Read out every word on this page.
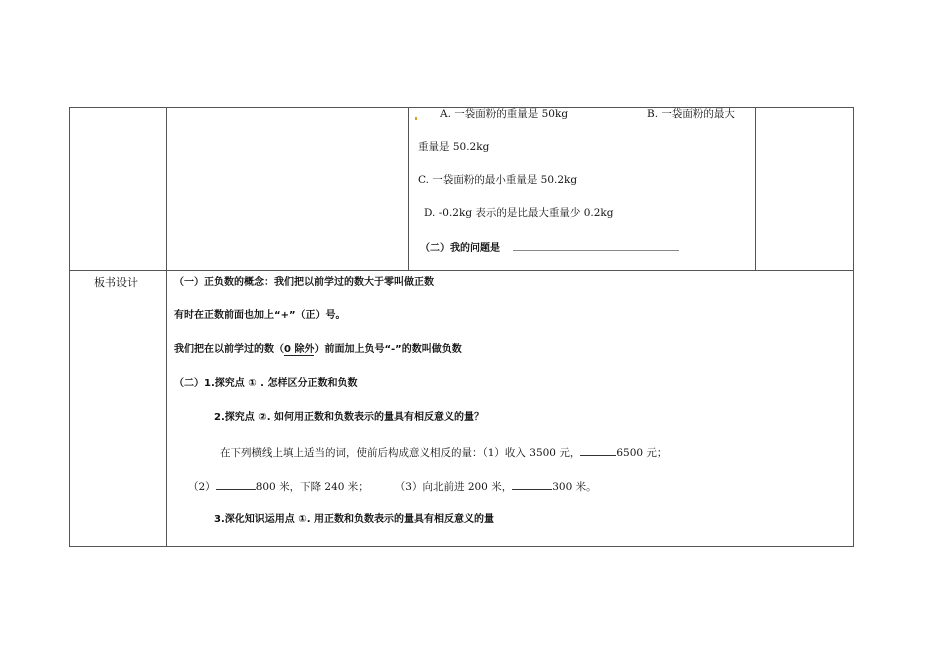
A. 一袋面粉的重量是 50kg	B. 一袋面粉的最大
重量是 50.2kg
C. 一袋面粉的最小重量是 50.2kg
D. -0.2kg 表示的是比最大重量少 0.2kg
（二）我的问题是
板书设计	（一）正负数的概念：我们把以前学过的数大于零叫做正数
有时在正数前面也加上“+”（正）号。
我们把在以前学过的数（0 除外）前面加上负号“-”的数叫做负数
（二）1.探究点 ① . 怎样区分正数和负数
2.探究点 ②. 如何用正数和负数表示的量具有相反意义的量？
在下列横线上填上适当的词，使前后构成意义相反的量：（1）收入 3500 元，	6500 元；
（2）	800 米，下降 240 米； （3）向北前进 200 米，	300 米。
3.深化知识运用点 ①. 用正数和负数表示的量具有相反意义的量
